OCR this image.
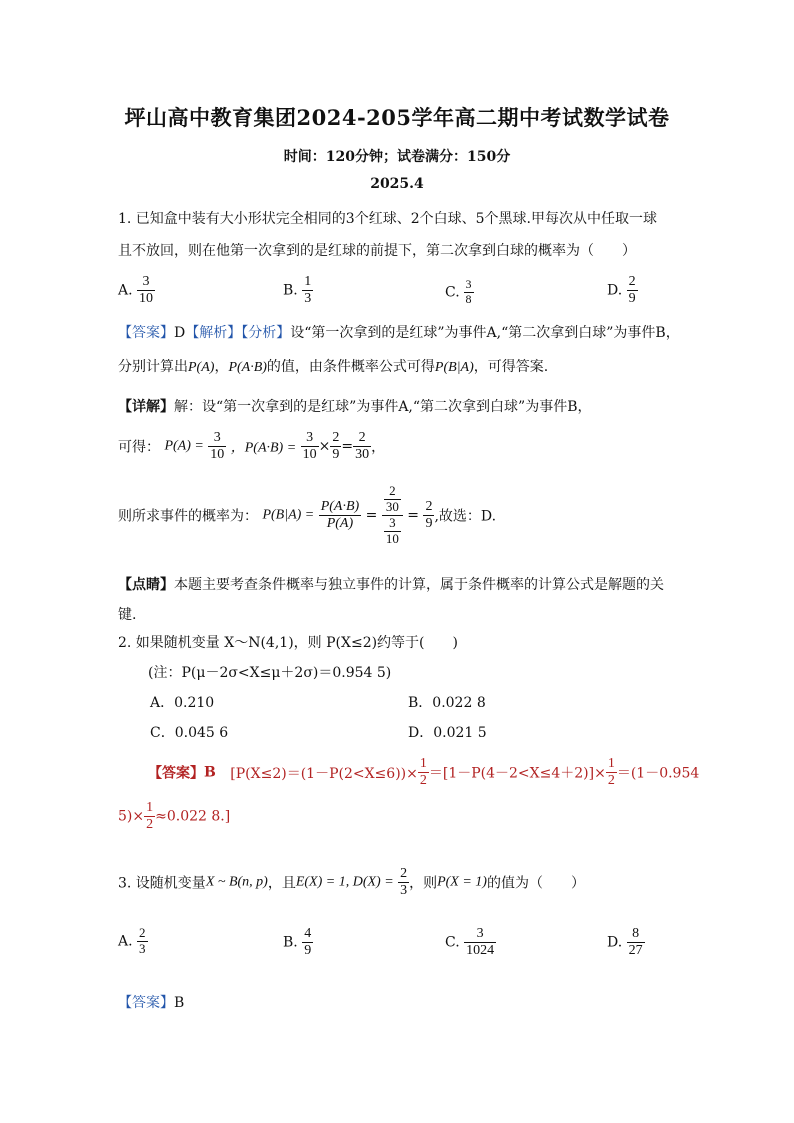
坪山高中教育集团2024-205学年高二期中考试数学试卷
时间：120分钟；试卷满分：150分
2025.4
1. 已知盒中装有大小形状完全相同的3个红球、2个白球、5个黑球.甲每次从中任取一球
且不放回，则在他第一次拿到的是红球的前提下，第二次拿到白球的概率为（　　）
A. $\frac{3}{10}$	B. $\frac{1}{3}$	C. $\frac{3}{8}$	D. $\frac{2}{9}$
【答案】D【解析】【分析】设“第一次拿到的是红球”为事件A,“第二次拿到白球”为事件B，
分别计算出P(A)，P(A·B)的值，由条件概率公式可得P(B|A)，可得答案.
【详解】解：设“第一次拿到的是红球”为事件A,“第二次拿到白球”为事件B，
可得： $P(A) = \frac{3}{10}$ ，$P(A\cdot B) = \frac{3}{10} \times \frac{2}{9} = \frac{2}{30}$ ，
则所求事件的概率为： $P(B|A) = \frac{P(A\cdot B)}{P(A)} = \frac{\frac{2}{30}}{\frac{3}{10}} = \frac{2}{9}$ ,故选：D.
【点睛】本题主要考查条件概率与独立事件的计算，属于条件概率的计算公式是解题的关
键.
2. 如果随机变量 X～N(4,1)，则 P(X≤2)约等于(　　)
(注：P(μ－2σ<X≤μ＋2σ)＝0.954 5)
A．0.210	B．0.022 8
C．0.045 6	D．0.021 5
【答案】B [$P(X\le 2)=(1-P(2<X\le 6))\times \frac{1}{2} =[1-P(4-2<X\le 4+2)]\times \frac{1}{2} =(1-0.954$
$5)\times \frac{1}{2} \approx 0.022$ 8.]
3. 设随机变量X ~ B(n, p)，且E(X) = 1, $D(X) = \frac{2}{3}$ ，则P(X = 1)的值为（　　）
A. $\frac{2}{3}$	B. $\frac{4}{9}$	C. $\frac{3}{1024}$	D. $\frac{8}{27}$
【答案】B
